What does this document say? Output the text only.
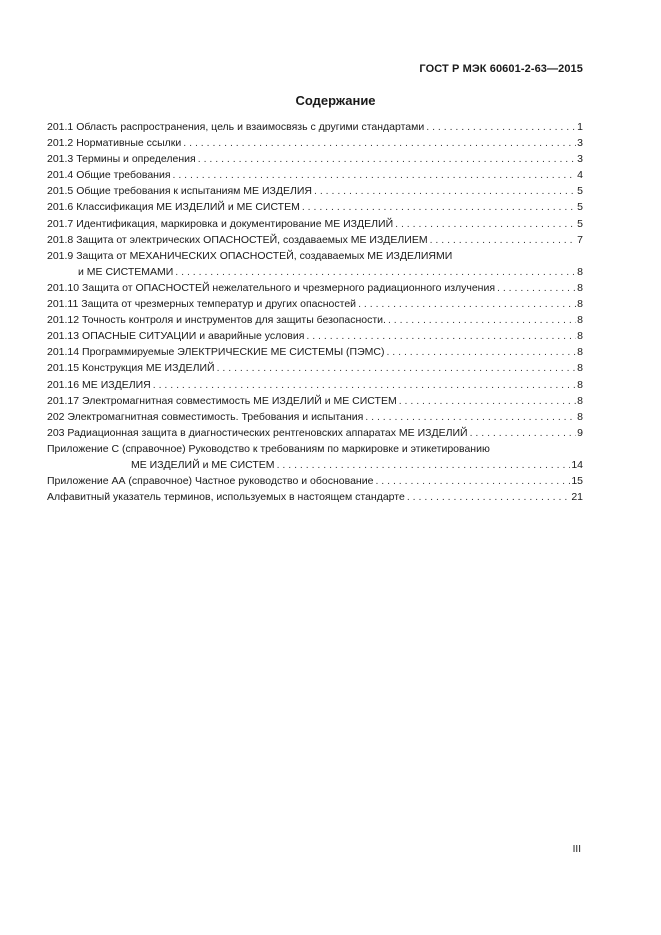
ГОСТ Р МЭК 60601-2-63—2015
Содержание
201.1 Область распространения, цель и взаимосвязь с другими стандартами . . .	1
201.2 Нормативные ссылки . . .	3
201.3 Термины и определения . . .	3
201.4 Общие требования . . .	4
201.5 Общие требования к испытаниям МЕ ИЗДЕЛИЯ . . .	5
201.6 Классификация МЕ ИЗДЕЛИЙ и МЕ СИСТЕМ . . .	5
201.7 Идентификация, маркировка и документирование МЕ ИЗДЕЛИЙ . . .	5
201.8 Защита от электрических ОПАСНОСТЕЙ, создаваемых МЕ ИЗДЕЛИЕМ . . .	7
201.9 Защита от МЕХАНИЧЕСКИХ ОПАСНОСТЕЙ, создаваемых МЕ ИЗДЕЛИЯМИ
и МЕ СИСТЕМАМИ . . .	8
201.10 Защита от ОПАСНОСТЕЙ нежелательного и чрезмерного радиационного излучения . . .	8
201.11 Защита от чрезмерных температур и других опасностей . . .	8
201.12 Точность контроля и инструментов для защиты безопасности. . . .	8
201.13 ОПАСНЫЕ СИТУАЦИИ и аварийные условия . . .	8
201.14 Программируемые ЭЛЕКТРИЧЕСКИЕ МЕ СИСТЕМЫ (ПЭМС) . . .	8
201.15 Конструкция МЕ ИЗДЕЛИЙ . . .	8
201.16 МЕ ИЗДЕЛИЯ . . .	8
201.17 Электромагнитная совместимость МЕ ИЗДЕЛИЙ и МЕ СИСТЕМ . . .	8
202 Электромагнитная совместимость. Требования и испытания . . .	8
203 Радиационная защита в диагностических рентгеновских аппаратах МЕ ИЗДЕЛИЙ . . .	9
Приложение С (справочное) Руководство к требованиям по маркировке и этикетированию
МЕ ИЗДЕЛИЙ и МЕ СИСТЕМ . . .	14
Приложение АА (справочное) Частное руководство и обоснование . . .	15
Алфавитный указатель терминов, используемых в настоящем стандарте . . .	21
III
